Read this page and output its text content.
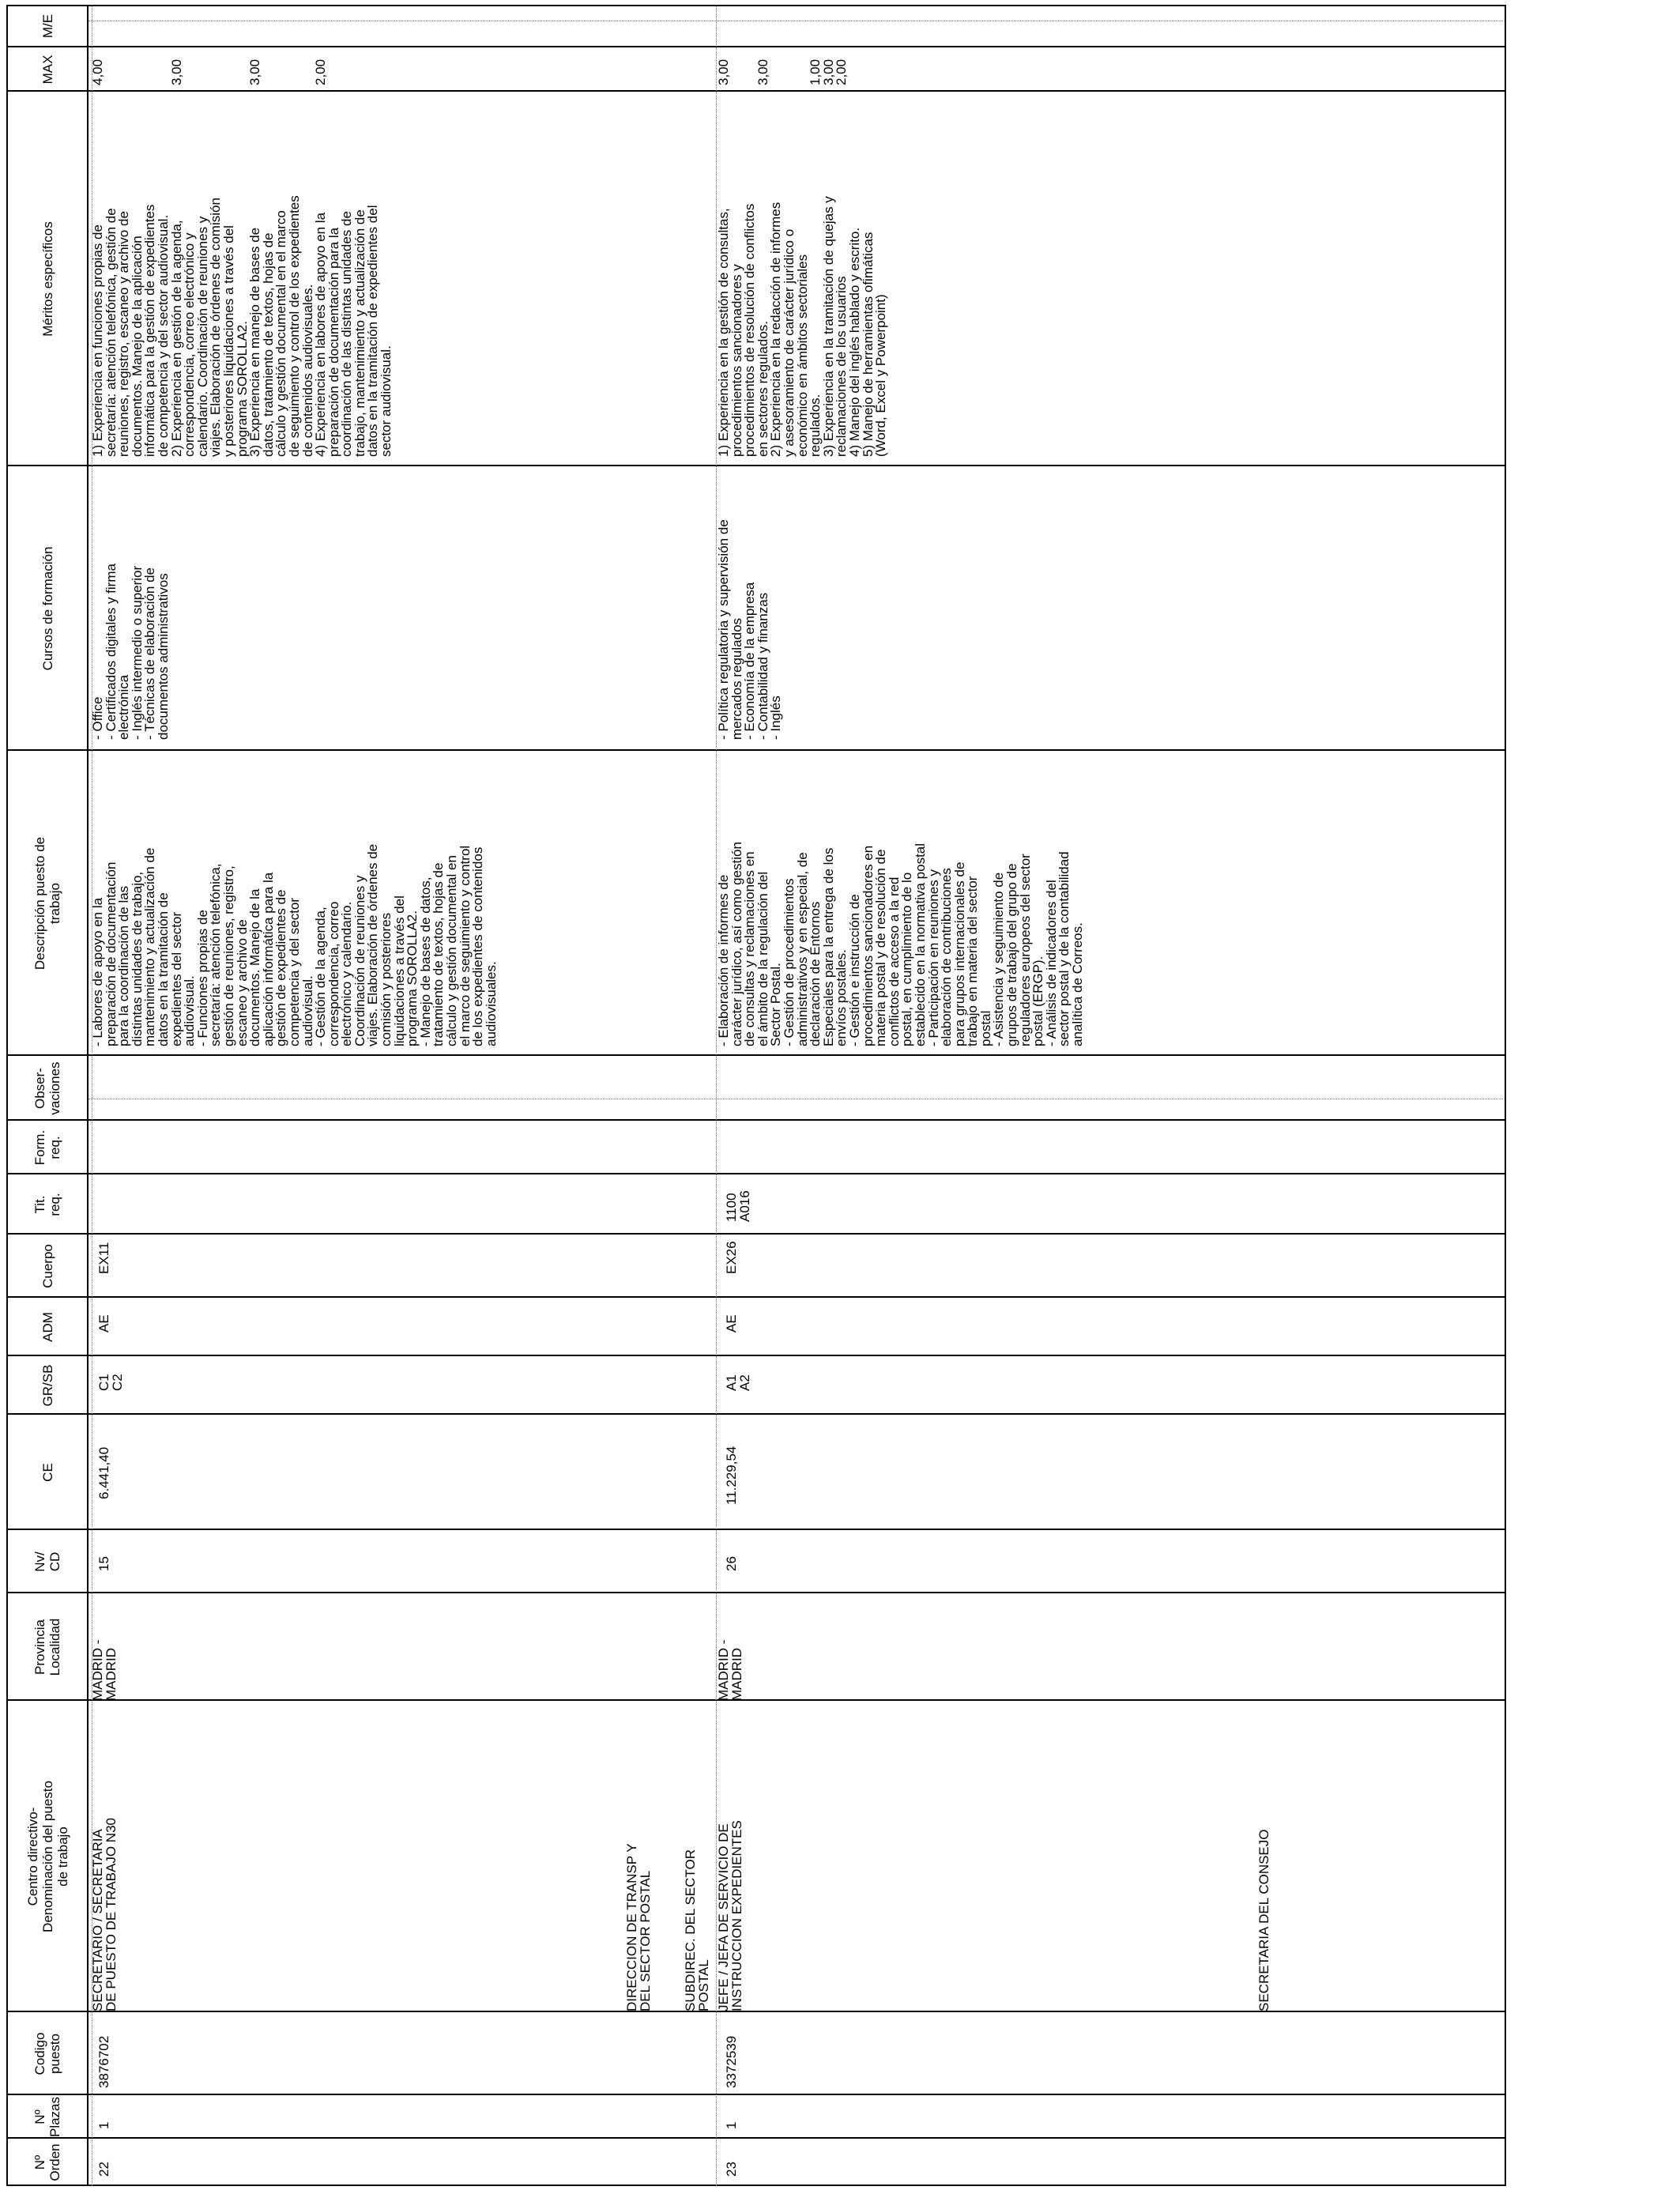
Nº
Orden
Nº
Plazas
Codigo
puesto
Centro directivo-
Denominación del puesto
de trabajo
Provincia
Localidad
Nv/
CD
CE
GR/SB
ADM
Cuerpo
Tit.
req.
Form.
req.
Obser-
vaciones
Descripción puesto de
trabajo
Cursos de formación
Méritos específicos
MAX
M/E
22
1
3876702
SECRETARIO / SECRETARIA
DE PUESTO DE TRABAJO N30
MADRID -
MADRID
15
6.441,40
C1
C2
AE
EX11
- Labores de apoyo en la
preparación de documentación
para la coordinación de las
distintas unidades de trabajo,
mantenimiento y actualización de
datos en la tramitación de
expedientes del sector
audiovisual.
- Funciones propias de
secretaría: atención telefónica,
gestión de reuniones, registro,
escaneo y archivo de
documentos. Manejo de la
aplicación informática para la
gestión de expedientes de
competencia y del sector
audiovisual.
- Gestión de la agenda,
correspondencia, correo
electrónico y calendario.
Coordinación de reuniones y
viajes. Elaboración de órdenes de
comisión y posteriores
liquidaciones a través del
programa SOROLLA2.
- Manejo de bases de datos,
tratamiento de textos, hojas de
cálculo y gestión documental en
el marco de seguimiento y control
de los expedientes de contenidos
audiovisuales.
- Office
- Certificados digitales y firma
electrónica
- Inglés intermedio o superior
- Técnicas de elaboración de
documentos administrativos
1) Experiencia en funciones propias de
secretaría: atención telefónica, gestión de
reuniones, registro, escaneo y archivo de
documentos. Manejo de la aplicación
informática para la gestión de expedientes
de competencia y del sector audiovisual.
2) Experiencia en gestión de la agenda,
correspondencia, correo electrónico y
calendario. Coordinación de reuniones y
viajes. Elaboración de órdenes de comisión
y posteriores liquidaciones a través del
programa SOROLLA2.
3) Experiencia en manejo de bases de
datos, tratamiento de textos, hojas de
cálculo y gestión documental en el marco
de seguimiento y control de los expedientes
de contenidos audiovisuales.
4) Experiencia en labores de apoyo en la
preparación de documentación para la
coordinación de las distintas unidades de
trabajo, mantenimiento y actualización de
datos en la tramitación de expedientes del
sector audiovisual.
4,00

3,00

3,00

2,00
DIRECCION DE TRANSP Y
DEL SECTOR POSTAL
SUBDIREC. DEL SECTOR
POSTAL
23
1
3372539
JEFE / JEFA DE SERVICIO DE
INSTRUCCION EXPEDIENTES
MADRID -
MADRID
26
11.229,54
A1
A2
AE
EX26
1100
A016
- Elaboración de informes de
carácter jurídico, así como gestión
de consultas y reclamaciones en
el ámbito de la regulación del
Sector Postal.
- Gestión de procedimientos
administrativos y en especial, de
declaración de Entornos
Especiales para la entrega de los
envíos postales.
- Gestión e instrucción de
procedimientos sancionadores en
materia postal y de resolución de
conflictos de acceso a la red
postal, en cumplimiento de lo
establecido en la normativa postal
- Participación en reuniones y
elaboración de contribuciones
para grupos internacionales de
trabajo en materia del sector
postal
- Asistencia y seguimiento de
grupos de trabajo del grupo de
reguladores europeos del sector
postal (ERGP).
- Análisis de indicadores del
sector postal y de la contabilidad
analítica de Correos.
- Política regulatoria y supervisión de
mercados regulados
- Economía de la empresa
- Contabilidad y finanzas
- Inglés
1) Experiencia en la gestión de consultas,
procedimientos sancionadores y
procedimientos de resolución de conflictos
en sectores regulados.
2) Experiencia en la redacción de informes
y asesoramiento de carácter jurídico o
económico en ámbitos sectoriales
regulados.
3) Experiencia en la tramitación de quejas y
reclamaciones de los usuarios
4) Manejo del inglés hablado y escrito.
5) Manejo de herramientas ofimáticas
(Word, Excel y Powerpoint)
3,00

3,00

1,00
3,00
2,00
SECRETARIA DEL CONSEJO
